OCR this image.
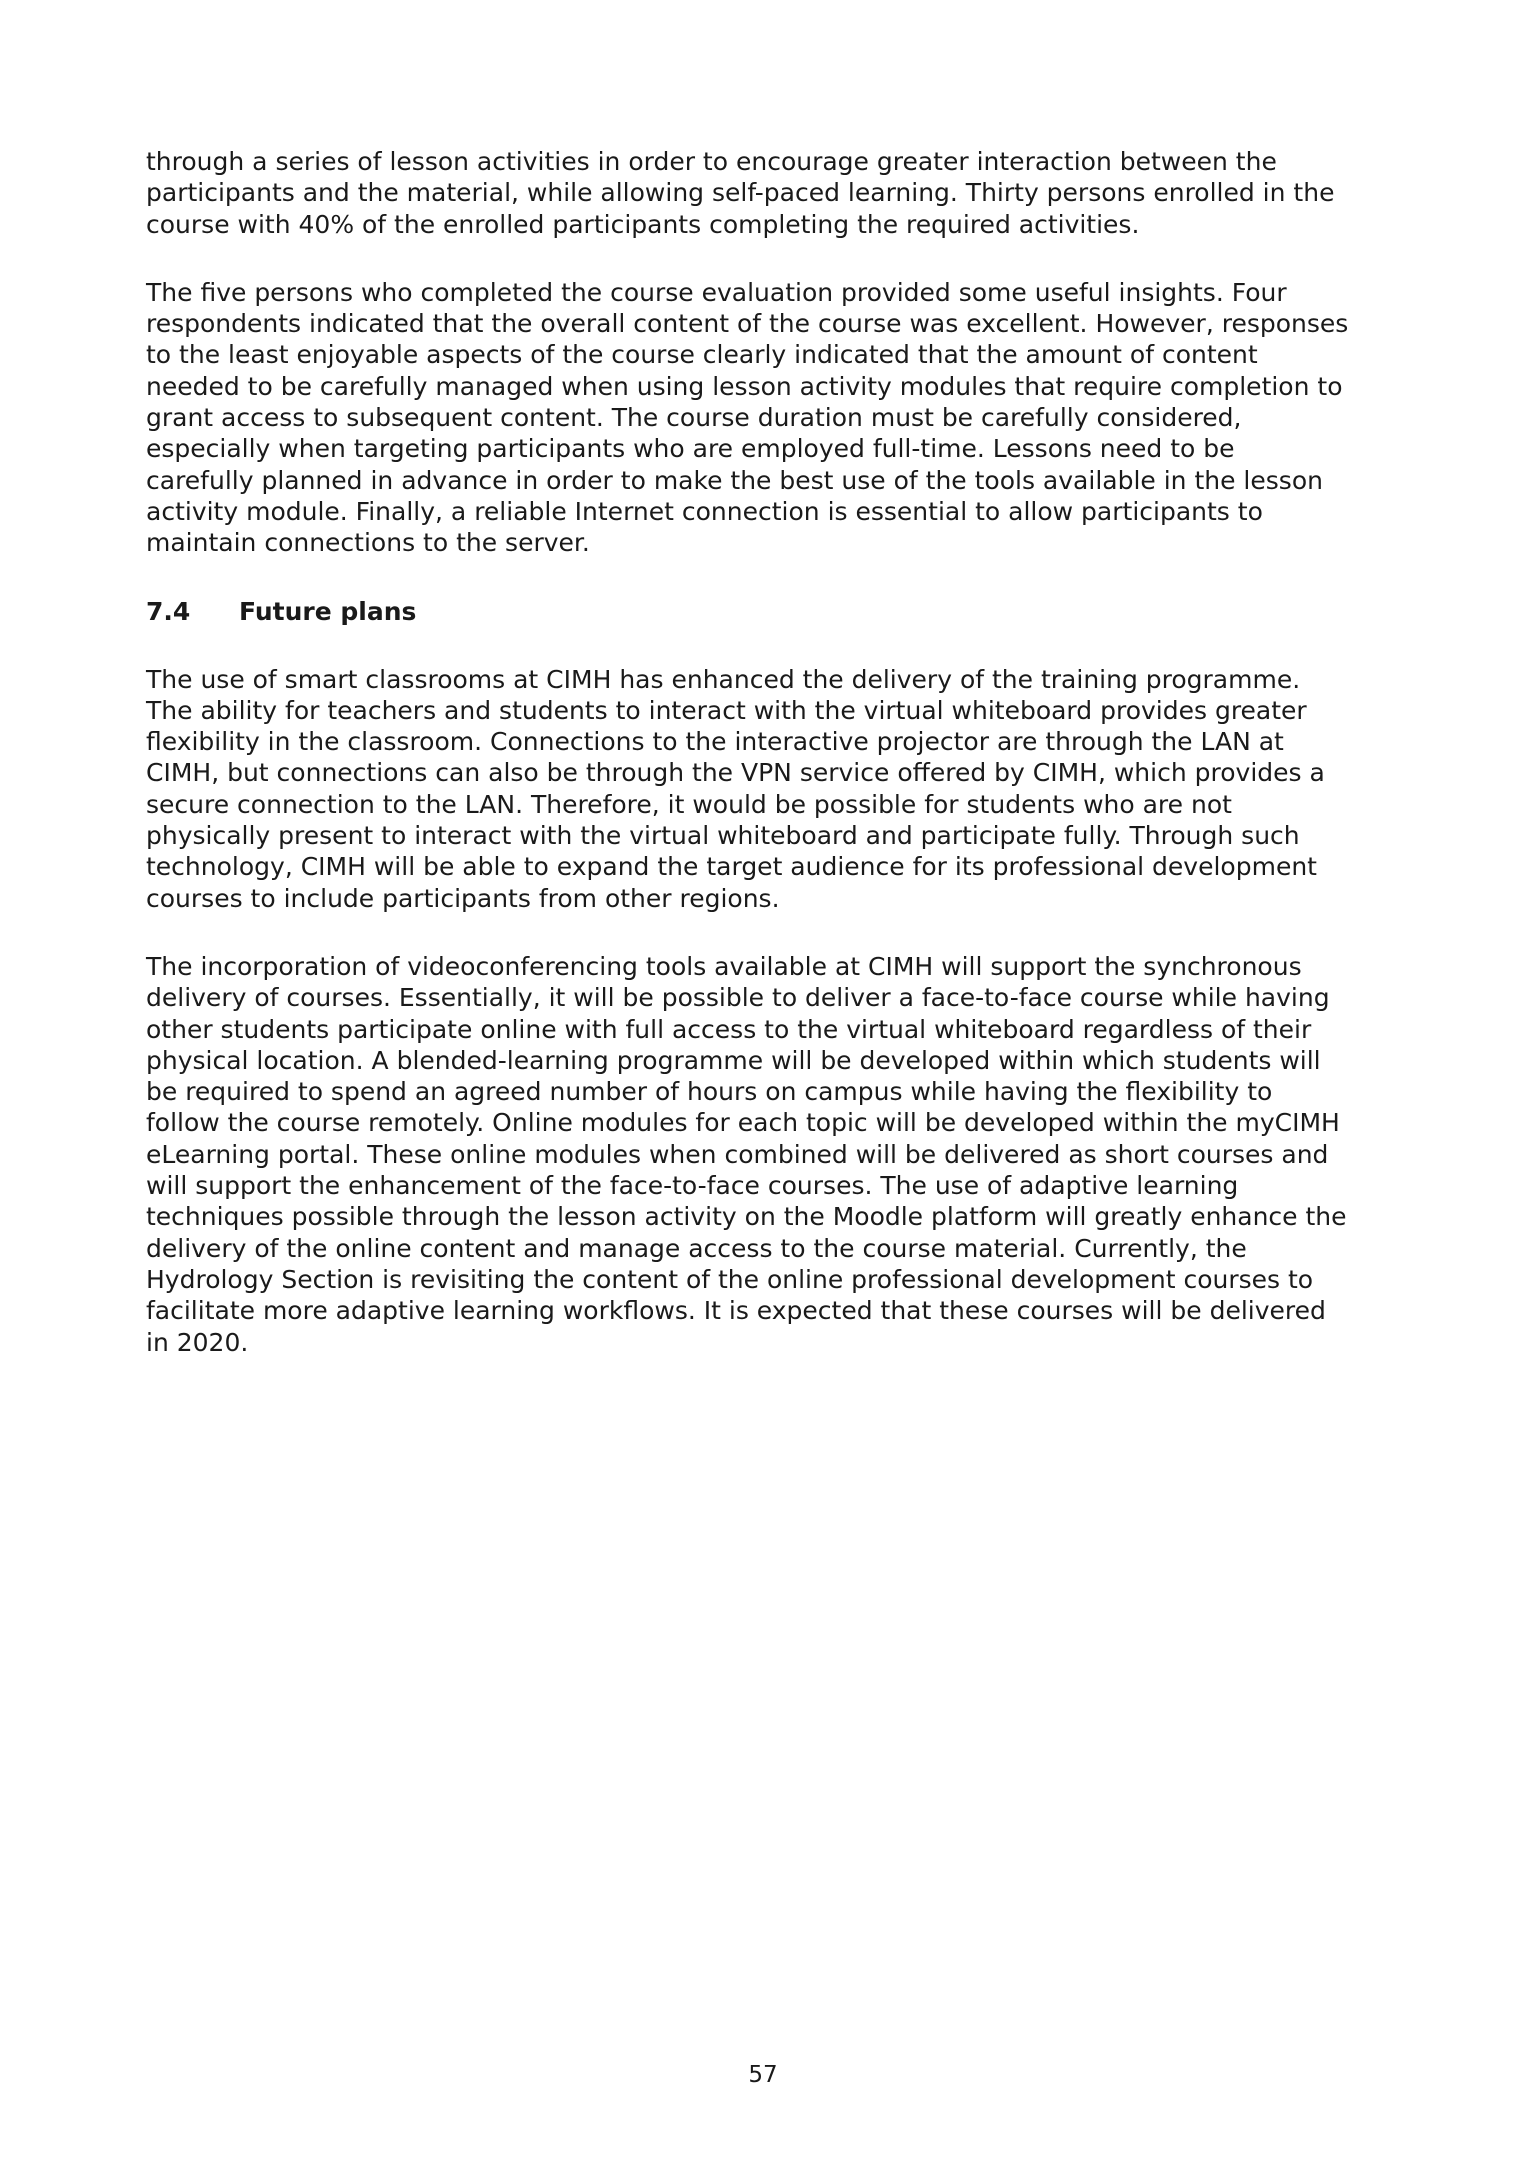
through a series of lesson activities in order to encourage greater interaction between the
participants and the material, while allowing self-paced learning. Thirty persons enrolled in the
course with 40% of the enrolled participants completing the required activities.

The five persons who completed the course evaluation provided some useful insights. Four
respondents indicated that the overall content of the course was excellent. However, responses
to the least enjoyable aspects of the course clearly indicated that the amount of content
needed to be carefully managed when using lesson activity modules that require completion to
grant access to subsequent content. The course duration must be carefully considered,
especially when targeting participants who are employed full-time. Lessons need to be
carefully planned in advance in order to make the best use of the tools available in the lesson
activity module. Finally, a reliable Internet connection is essential to allow participants to
maintain connections to the server.

7.4	Future plans

The use of smart classrooms at CIMH has enhanced the delivery of the training programme.
The ability for teachers and students to interact with the virtual whiteboard provides greater
flexibility in the classroom. Connections to the interactive projector are through the LAN at
CIMH, but connections can also be through the VPN service offered by CIMH, which provides a
secure connection to the LAN. Therefore, it would be possible for students who are not
physically present to interact with the virtual whiteboard and participate fully. Through such
technology, CIMH will be able to expand the target audience for its professional development
courses to include participants from other regions.

The incorporation of videoconferencing tools available at CIMH will support the synchronous
delivery of courses. Essentially, it will be possible to deliver a face-to-face course while having
other students participate online with full access to the virtual whiteboard regardless of their
physical location. A blended-learning programme will be developed within which students will
be required to spend an agreed number of hours on campus while having the flexibility to
follow the course remotely. Online modules for each topic will be developed within the myCIMH
eLearning portal. These online modules when combined will be delivered as short courses and
will support the enhancement of the face-to-face courses. The use of adaptive learning
techniques possible through the lesson activity on the Moodle platform will greatly enhance the
delivery of the online content and manage access to the course material. Currently, the
Hydrology Section is revisiting the content of the online professional development courses to
facilitate more adaptive learning workflows. It is expected that these courses will be delivered
in 2020.

57
